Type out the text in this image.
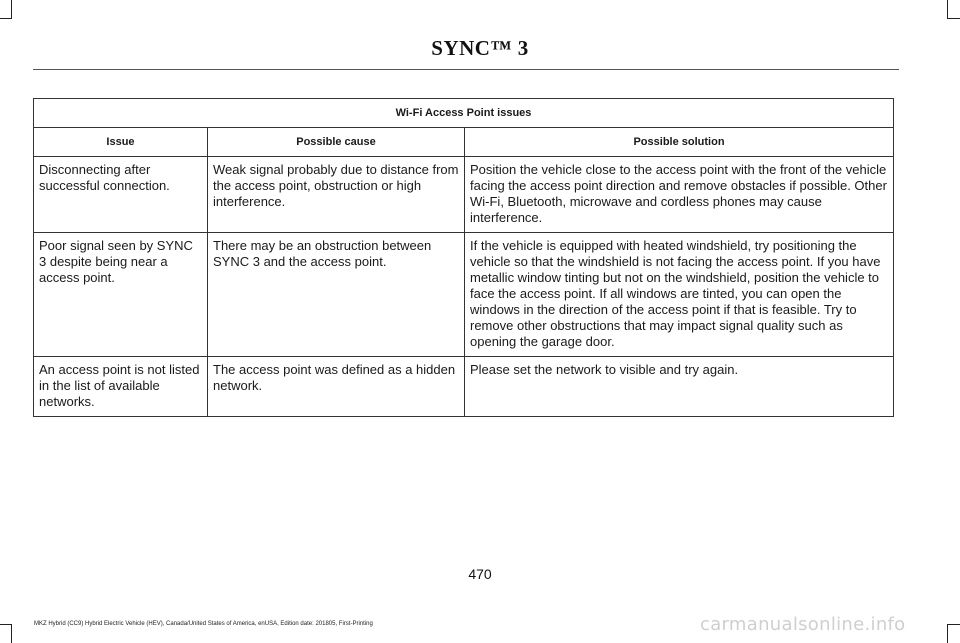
SYNC™ 3
Wi-Fi Access Point issues		
Issue	Possible cause	Possible solution
Disconnecting after successful connection.	Weak signal probably due to distance from the access point, obstruction or high interference.	Position the vehicle close to the access point with the front of the vehicle facing the access point direction and remove obstacles if possible. Other Wi-Fi, Bluetooth, microwave and cordless phones may cause interference.
Poor signal seen by SYNC 3 despite being near a access point.	There may be an obstruction between SYNC 3 and the access point.	If the vehicle is equipped with heated windshield, try positioning the vehicle so that the windshield is not facing the access point. If you have metallic window tinting but not on the windshield, position the vehicle to face the access point. If all windows are tinted, you can open the windows in the direction of the access point if that is feasible. Try to remove other obstructions that may impact signal quality such as opening the garage door.
An access point is not listed in the list of available networks.	The access point was defined as a hidden network.	Please set the network to visible and try again.
470
MKZ Hybrid (CC9) Hybrid Electric Vehicle (HEV), Canada/United States of America, enUSA, Edition date: 201805, First-Printing	carmanualsonline.info
